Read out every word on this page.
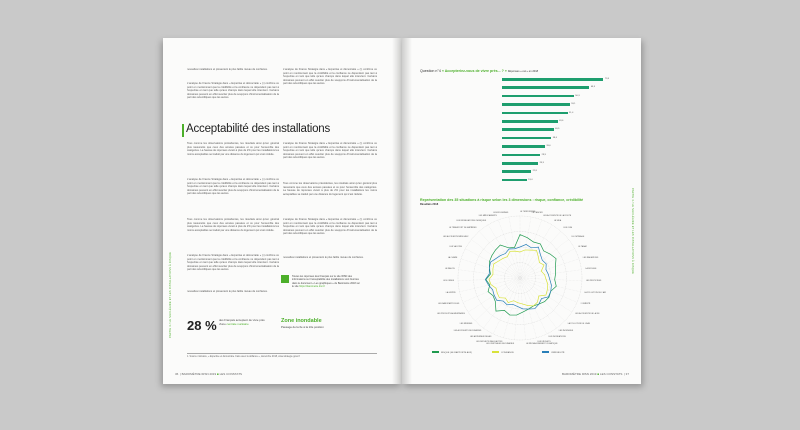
PARTIE 4 / LE NUCLÉAIRE ET LES INSTALLATIONS À RISQUE
nouvelles installations et présentent le plus faible niveau de confiance.
L'analyse de France Stratégie dans « Expertise et démocratie » (¹) confirme ce point en mentionnant que la crédibilité et la confiance ne dépendent pas tant à l'expertise en tant que telle qu'aux champs dans lequel elle intervient. Certains domaines peuvent en effet susciter plus de soupçons d'instrumentalisation de la part des scientifiques que les autres.
L'analyse de France Stratégie dans « Expertise et démocratie » (¹) confirme ce point en mentionnant que la crédibilité et la confiance ne dépendent pas tant à l'expertise en tant que telle qu'aux champs dans lequel elle intervient. Certains domaines peuvent en effet susciter plus de soupçons d'instrumentalisation de la part des scientifiques que les autres.
Acceptabilité des installations
Tous comme les observations précédentes, les résultats ainsi qu'en général plus rassurants que ceux des années passées et ce pour l'ensemble des catégories. La hausse de réponses vivant à plus de 2% pour les installations les moins acceptables se traduit par une distance du logement qui s'est réduite.
L'analyse de France Stratégie dans « Expertise et démocratie » (¹) confirme ce point en mentionnant que la crédibilité et la confiance ne dépendent pas tant à l'expertise en tant que telle qu'aux champs dans lequel elle intervient. Certains domaines peuvent en effet susciter plus de soupçons d'instrumentalisation de la part des scientifiques que les autres.
Tous comme les observations précédentes, les résultats ainsi qu'en général plus rassurants que ceux des années passées et ce pour l'ensemble des catégories. La hausse de réponses vivant à plus de 2% pour les installations les moins acceptables se traduit par une distance du logement qui s'est réduite.
L'analyse de France Stratégie dans « Expertise et démocratie » (¹) confirme ce point en mentionnant que la crédibilité et la confiance ne dépendent pas tant à l'expertise en tant que telle qu'aux champs dans lequel elle intervient. Certains domaines peuvent en effet susciter plus de soupçons d'instrumentalisation de la part des scientifiques que les autres.
nouvelles installations et présentent le plus faible niveau de confiance.
L'analyse de France Stratégie dans « Expertise et démocratie » (¹) confirme ce point en mentionnant que la crédibilité et la confiance ne dépendent pas tant à l'expertise en tant que telle qu'aux champs dans lequel elle intervient. Certains domaines peuvent en effet susciter plus de soupçons d'instrumentalisation de la part des scientifiques que les autres.
Tous comme les observations précédentes, les résultats ainsi qu'en général plus rassurants que ceux des années passées et ce pour l'ensemble des catégories. La hausse de réponses vivant à plus de 2% pour les installations les moins acceptables se traduit par une distance du logement qui s'est réduite.
L'analyse de France Stratégie dans « Expertise et démocratie » (¹) confirme ce point en mentionnant que la crédibilité et la confiance ne dépendent pas tant à l'expertise en tant que telle qu'aux champs dans lequel elle intervient. Certains domaines peuvent en effet susciter plus de soupçons d'instrumentalisation de la part des scientifiques que les autres.
nouvelles installations et présentent le plus faible niveau de confiance.
Toutes les réponses des Français sur le site IRSN des informations sur l'acceptabilité des installations sont fournies dans le document « Les graphiques » du Baromètre 2018 sur le site https://barometre.irsn.fr
28 % des Français acceptent de vivre près d'une centrale nucléaire	Zone inondable
Passage de la 6e à la 10e position
1. Source ministère, « Expertise et démocratie. Faire avec la défiance », décembre 2018, www.strategie.gouv.fr
36  | BAROMÈTRE IRSN 2019 ■ LES CONSTATS
PARTIE 4 / LE NUCLÉAIRE ET LES INSTALLATIONS À RISQUE
Question n°4 « Accepteriez-vous de vivre près... ? » Réponses « oui » en 2018
79,5
68,5
56,3
53,1
51,4
43,6
40,5
38,6
33,6
29,9
28,3
22,8
19,4
Représentation des 35 situations à risque selon les 3 dimensions : risque, confiance, crédibilité
Résultats 2018
LE TERRORISME
LE CANCER
LES ACCIDENTS DE LA ROUTE
LE SIDA
LES OGM
LE CHÔMAGE
LE TABAC
LES RADIATIONS
LA DROGUE
LES PESTICIDES
LA POLLUTION DE L'AIR
L'OBÉSITÉ
LES ACCIDENTS DE LA VIE
LA POLLUTION DE L'EAU
LES INCENDIES
LES INONDATIONS
LES DÉCHETS
LE RÉCHAUFFEMENT CLIMATIQUE
LES CENTRALES NUCLÉAIRES
LES DÉCHETS RADIOACTIFS
LES ANTENNES RELAIS
LES ACCIDENTS NUCLÉAIRES
LES SÉISMES
LES PRODUITS ALIMENTAIRES
LES NANOPARTICULES
LA GRIPPE
LES ONDES
LE RADON
LA CHIMIE
LES VACCINS
LES ACCIDENTS MÉDICAUX
LE TRANSPORT DE MATIÈRES
LES INSTALLATIONS CHIMIQUES
LES MÉDICAMENTS
LES ÉOLIENNES
RISQUE (SE RAPPORTE AUX)	CONFIANCE	CRÉDIBILITÉ
BAROMÈTRE IRSN 2019 ■ LES CONSTATS  | 37
